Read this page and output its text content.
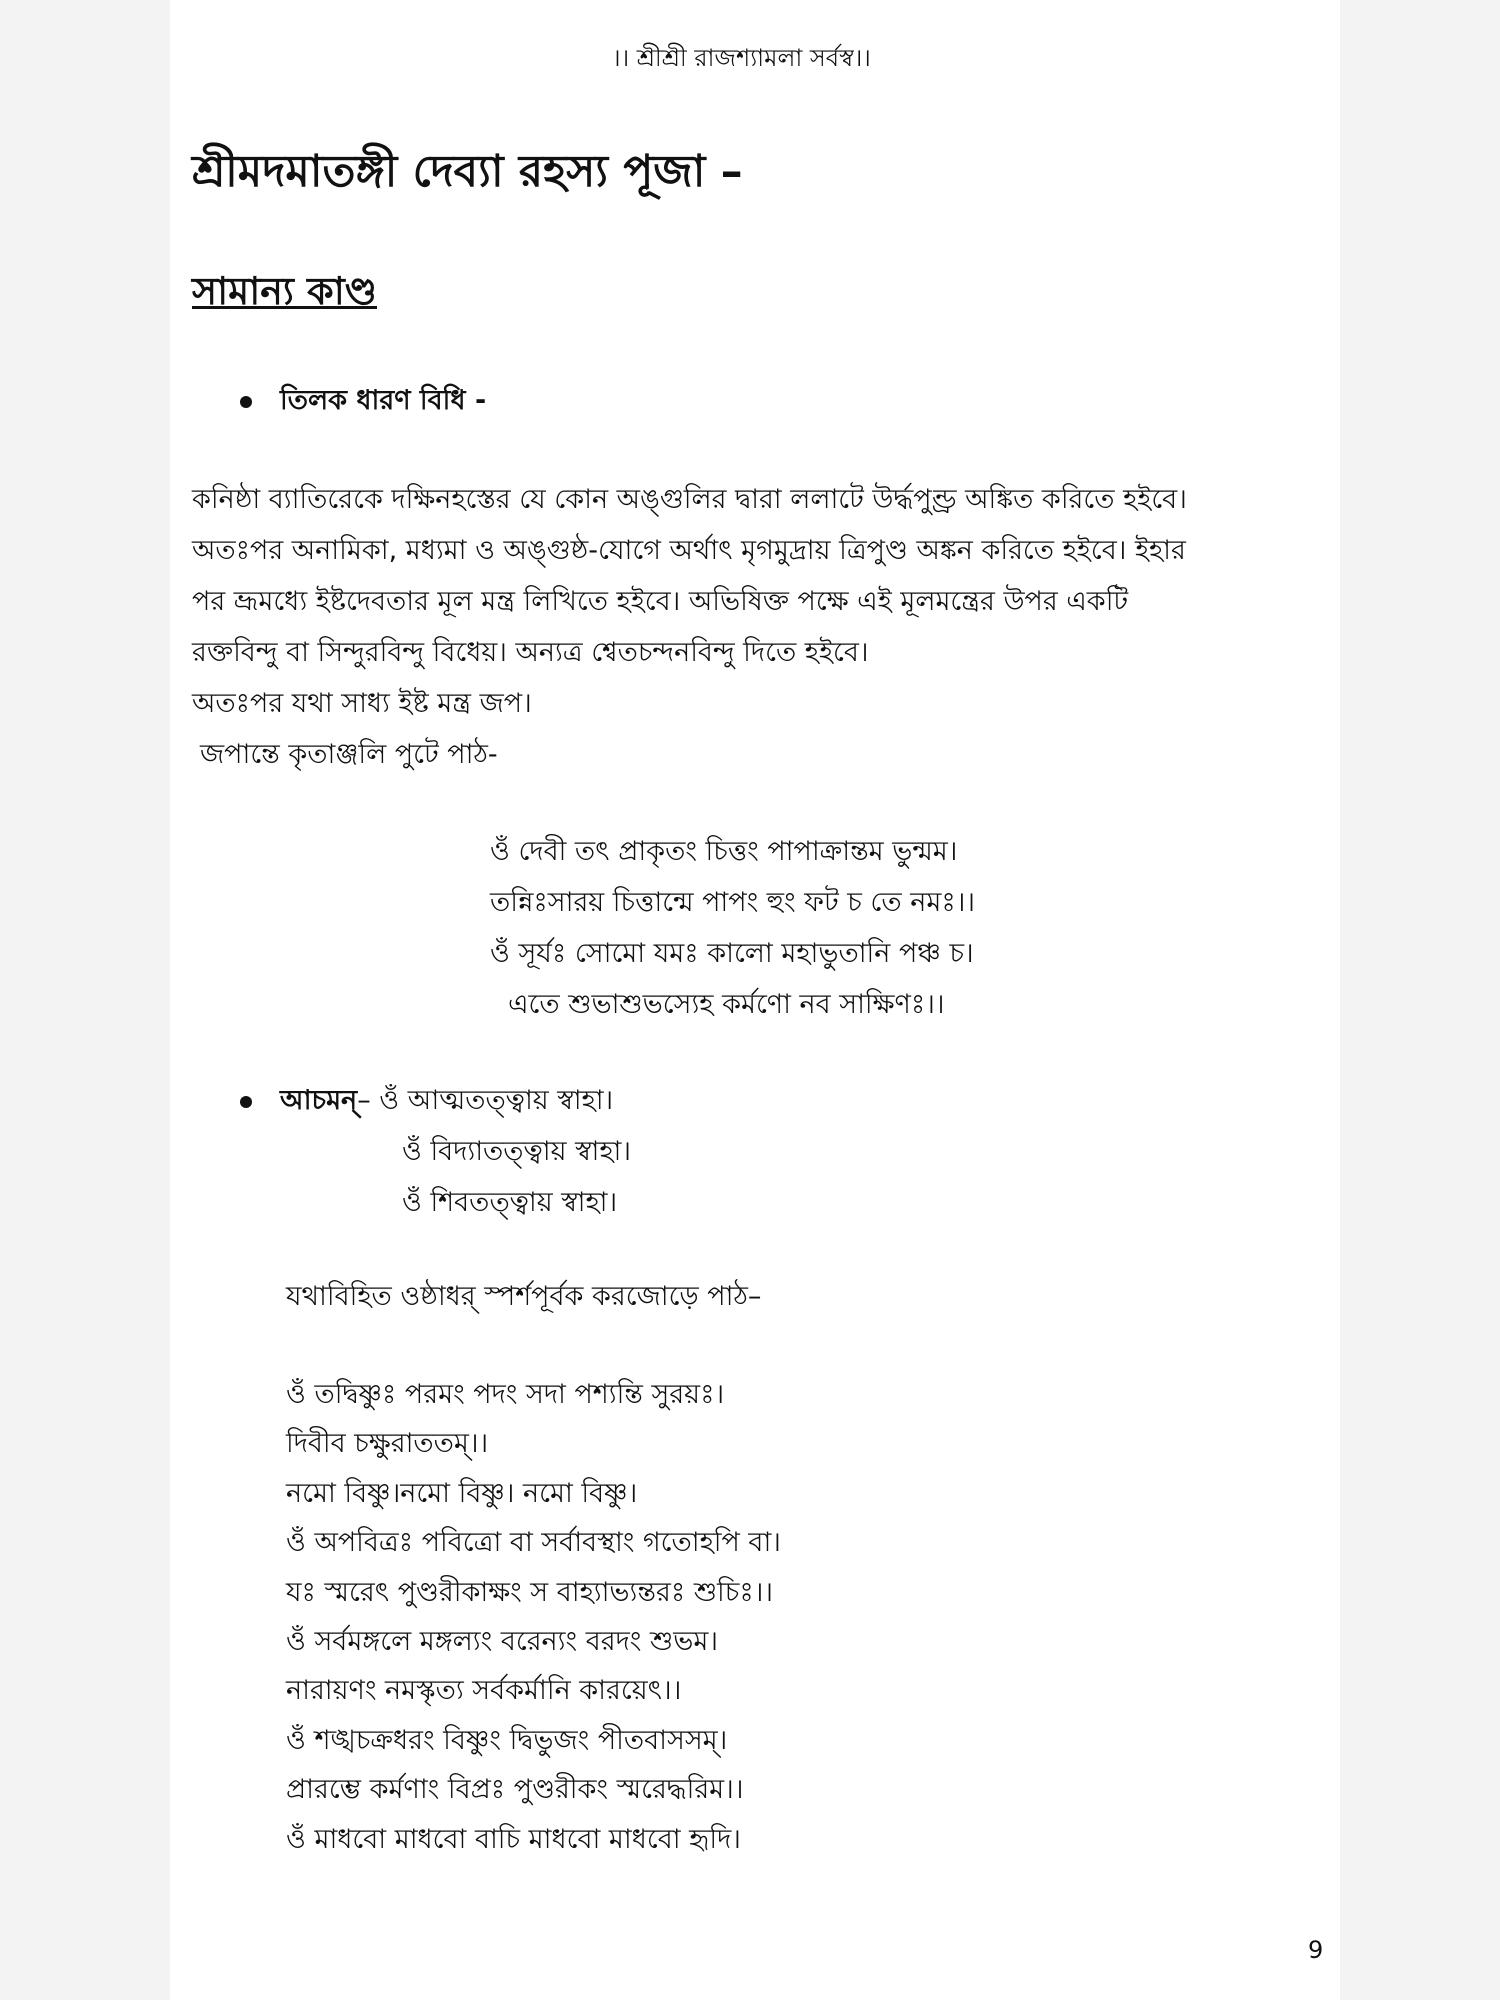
।। শ্রীশ্রী রাজশ্যামলা সর্বস্ব।।
শ্রীমদমাতঙ্গী দেব্যা রহস্য পূজা –
সামান্য কাণ্ড
তিলক ধারণ বিধি -
কনিষ্ঠা ব্যাতিরেকে দক্ষিনহস্তের যে কোন অঙ্গুলির দ্বারা ললাটে উর্দ্ধপুণ্ড্র অঙ্কিত করিতে হইবে।
অতঃপর অনামিকা, মধ্যমা ও অঙ্গুষ্ঠ-যোগে অর্থাৎ মৃগমুদ্রায় ত্রিপুণ্ড অঙ্কন করিতে হইবে। ইহার
পর ভ্রূমধ্যে ইষ্টদেবতার মূল মন্ত্র লিখিতে হইবে। অভিষিক্ত পক্ষে এই মূলমন্ত্রের উপর একটি
রক্তবিন্দু বা সিন্দুরবিন্দু বিধেয়। অন্যত্র শ্বেতচন্দনবিন্দু দিতে হইবে।
অতঃপর যথা সাধ্য ইষ্ট মন্ত্র জপ।
জপান্তে কৃতাঞ্জলি পুটে পাঠ-
ওঁ দেবী তৎ প্রাকৃতং চিত্তং পাপাক্রান্তম ভুন্মম।
তন্নিঃসারয় চিত্তান্মে পাপং হুং ফট চ তে নমঃ।।
ওঁ সূর্যঃ সোমো যমঃ কালো মহাভুতানি পঞ্চ চ।
এতে শুভাশুভস্যেহ কর্মণো নব সাক্ষিণঃ।।
আচমন্– ওঁ আত্মতত্ত্বায় স্বাহা।
ওঁ বিদ্যাতত্ত্বায় স্বাহা।
ওঁ শিবতত্ত্বায় স্বাহা।
যথাবিহিত ওষ্ঠাধর্ স্পর্শপূর্বক করজোড়ে পাঠ–
ওঁ তদ্বিষ্ণুঃ পরমং পদং সদা পশ্যন্তি সুরয়ঃ।
দিবীব চক্ষুরাততম্।।
নমো বিষ্ণু।নমো বিষ্ণু। নমো বিষ্ণু।
ওঁ অপবিত্রঃ পবিত্রো বা সর্বাবস্থাং গতোহপি বা।
যঃ স্মরেৎ পুণ্ডরীকাক্ষং স বাহ্যাভ্যন্তরঃ শুচিঃ।।
ওঁ সর্বমঙ্গলে মঙ্গল্যং বরেন্যং বরদং শুভম।
নারায়ণং নমস্কৃত্য সর্বকর্মানি কারয়েৎ।।
ওঁ শঙ্খচক্রধরং বিষ্ণুং দ্বিভুজং পীতবাসসম্।
প্রারম্ভে কর্মণাং বিপ্রঃ পুণ্ডরীকং স্মরেদ্ধরিম।।
ওঁ মাধবো মাধবো বাচি মাধবো মাধবো হৃদি।
9
